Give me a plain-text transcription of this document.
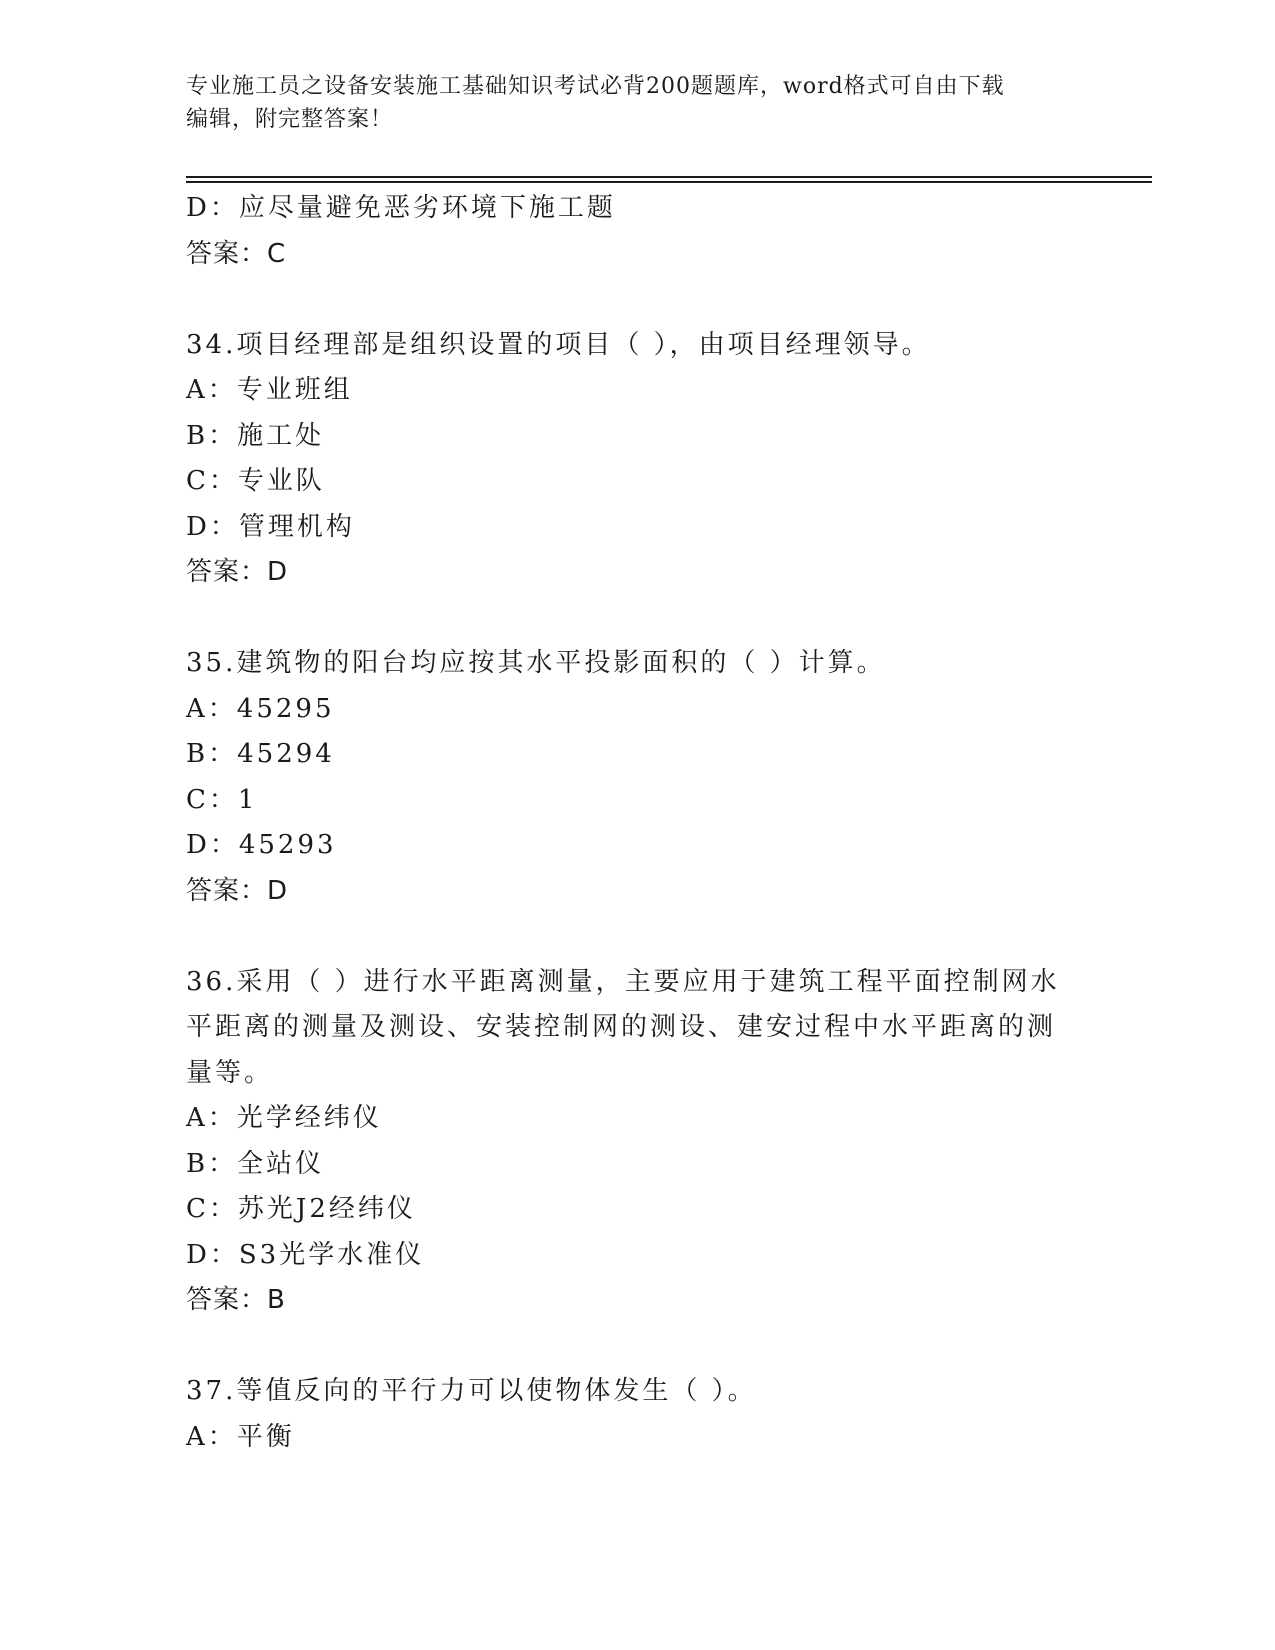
专业施工员之设备安装施工基础知识考试必背200题题库，word格式可自由下载
编辑，附完整答案！
D：应尽量避免恶劣环境下施工题
答案：C
34.项目经理部是组织设置的项目（ ），由项目经理领导。
A：专业班组
B：施工处
C：专业队
D：管理机构
答案：D
35.建筑物的阳台均应按其水平投影面积的（ ）计算。
A：45295
B：45294
C：1
D：45293
答案：D
36.采用（ ）进行水平距离测量，主要应用于建筑工程平面控制网水
平距离的测量及测设、安装控制网的测设、建安过程中水平距离的测
量等。
A：光学经纬仪
B：全站仪
C：苏光J2经纬仪
D：S3光学水准仪
答案：B
37.等值反向的平行力可以使物体发生（ ）。
A：平衡
